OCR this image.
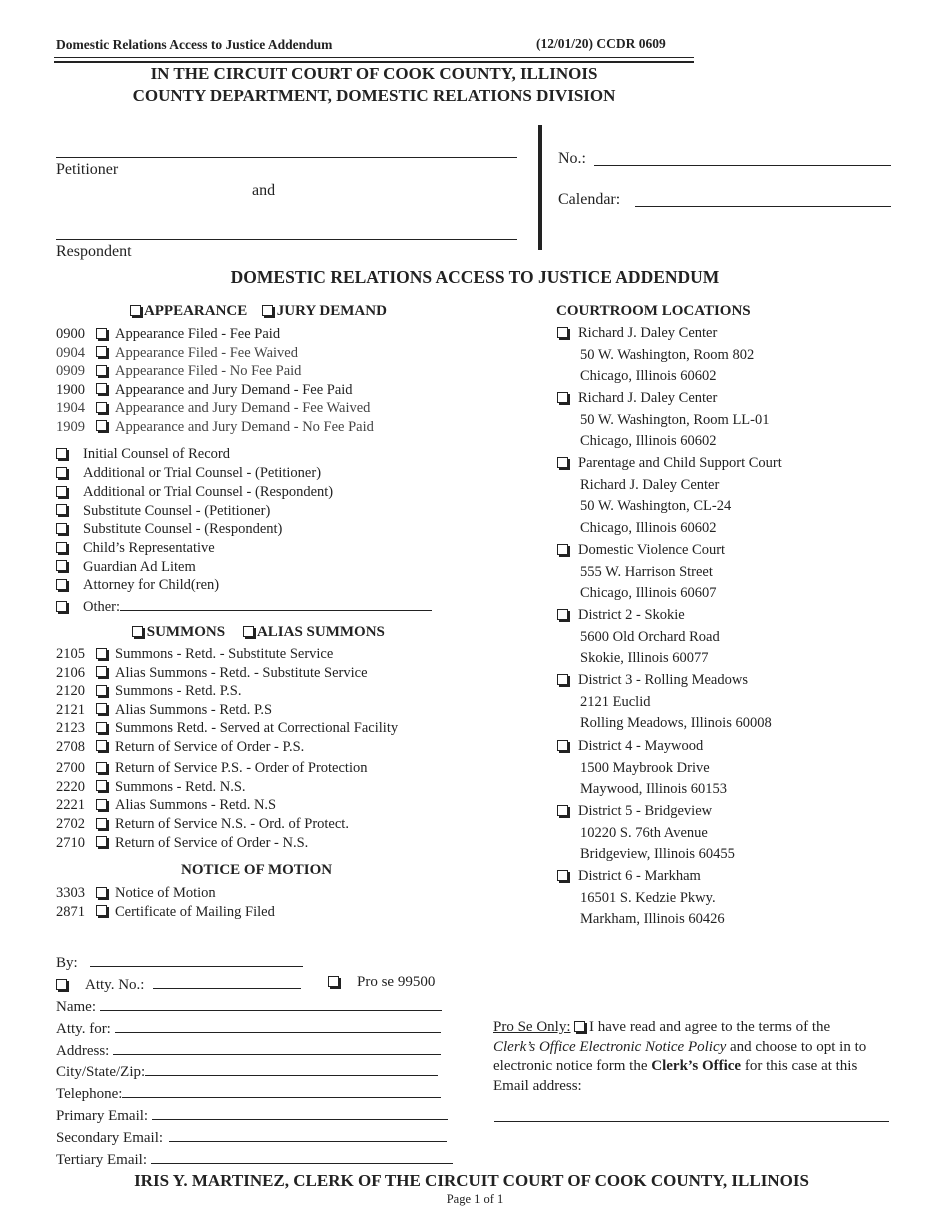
Domestic Relations Access to Justice Addendum	(12/01/20) CCDR 0609
IN THE CIRCUIT COURT OF COOK COUNTY, ILLINOIS
COUNTY DEPARTMENT, DOMESTIC RELATIONS DIVISION
Petitioner
and
Respondent
No.:
Calendar:
DOMESTIC RELATIONS ACCESS TO JUSTICE ADDENDUM
APPEARANCE	JURY DEMAND
0900 Appearance Filed - Fee Paid
0904 Appearance Filed - Fee Waived
0909 Appearance Filed - No Fee Paid
1900 Appearance and Jury Demand - Fee Paid
1904 Appearance and Jury Demand - Fee Waived
1909 Appearance and Jury Demand - No Fee Paid
Initial Counsel of Record
Additional or Trial Counsel - (Petitioner)
Additional or Trial Counsel - (Respondent)
Substitute Counsel - (Petitioner)
Substitute Counsel - (Respondent)
Child’s Representative
Guardian Ad Litem
Attorney for Child(ren)
Other:
SUMMONS	ALIAS SUMMONS
2105 Summons - Retd. - Substitute Service
2106 Alias Summons - Retd. - Substitute Service
2120 Summons - Retd. P.S.
2121 Alias Summons - Retd. P.S
2123 Summons Retd. - Served at Correctional Facility
2708 Return of Service of Order - P.S.
2700 Return of Service P.S. - Order of Protection
2220 Summons - Retd. N.S.
2221 Alias Summons - Retd. N.S
2702 Return of Service N.S. - Ord. of Protect.
2710 Return of Service of Order - N.S.
NOTICE OF MOTION
3303 Notice of Motion
2871 Certificate of Mailing Filed
COURTROOM LOCATIONS
Richard J. Daley Center
50 W. Washington, Room 802
Chicago, Illinois 60602
Richard J. Daley Center
50 W. Washington, Room LL-01
Chicago, Illinois 60602
Parentage and Child Support Court
Richard J. Daley Center
50 W. Washington, CL-24
Chicago, Illinois 60602
Domestic Violence Court
555 W. Harrison Street
Chicago, Illinois 60607
District 2 - Skokie
5600 Old Orchard Road
Skokie, Illinois 60077
District 3 - Rolling Meadows
2121 Euclid
Rolling Meadows, Illinois 60008
District 4 - Maywood
1500 Maybrook Drive
Maywood, Illinois 60153
District 5 - Bridgeview
10220 S. 76th Avenue
Bridgeview, Illinois 60455
District 6 - Markham
16501 S. Kedzie Pkwy.
Markham, Illinois 60426
By:
Atty. No.:	Pro se 99500
Name:
Atty. for:
Address:
City/State/Zip:
Telephone:
Primary Email:
Secondary Email:
Tertiary Email:
Pro Se Only:  I have read and agree to the terms of the
Clerk’s Office Electronic Notice Policy and choose to opt in to
electronic notice form the Clerk’s Office for this case at this
Email address:
IRIS Y. MARTINEZ, CLERK OF THE CIRCUIT COURT OF COOK COUNTY, ILLINOIS
Page 1 of 1
